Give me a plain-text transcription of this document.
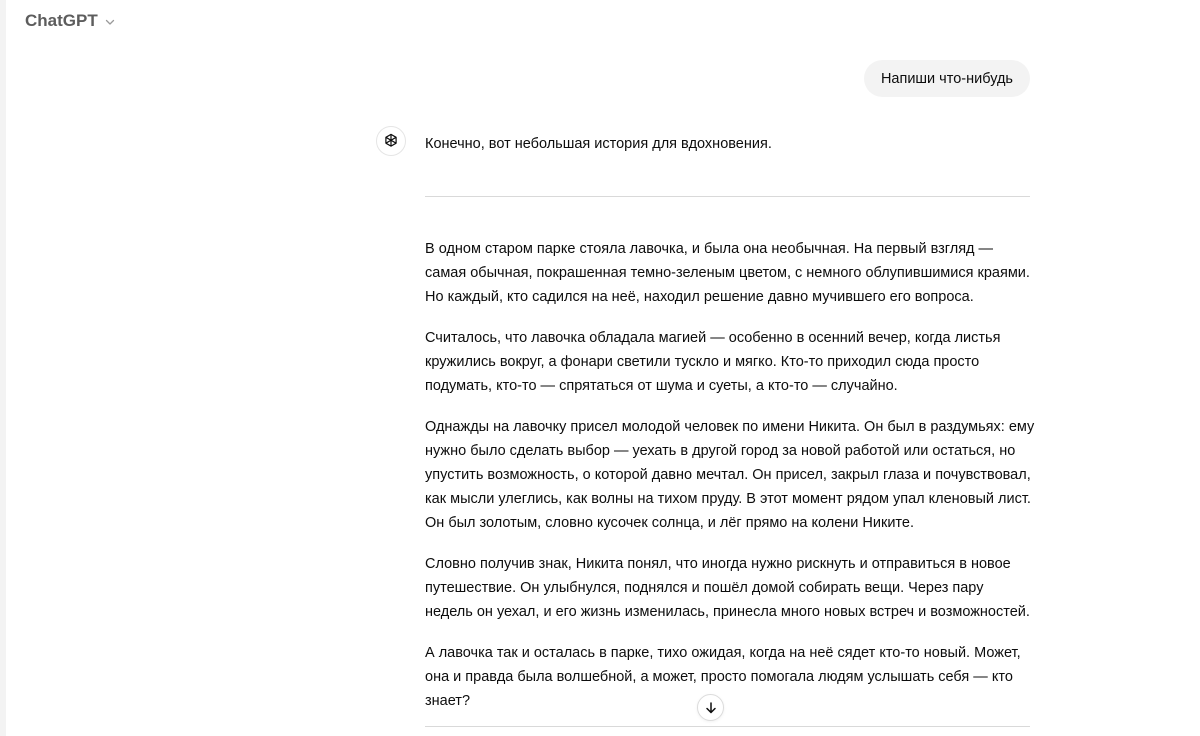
ChatGPT
Напиши что-нибудь

Конечно, вот небольшая история для вдохновения.

В одном старом парке стояла лавочка, и была она необычная. На первый взгляд — самая обычная, покрашенная темно-зеленым цветом, с немного облупившимися краями. Но каждый, кто садился на неё, находил решение давно мучившего его вопроса.

Считалось, что лавочка обладала магией — особенно в осенний вечер, когда листья кружились вокруг, а фонари светили тускло и мягко. Кто-то приходил сюда просто подумать, кто-то — спрятаться от шума и суеты, а кто-то — случайно.

Однажды на лавочку присел молодой человек по имени Никита. Он был в раздумьях: ему нужно было сделать выбор — уехать в другой город за новой работой или остаться, но упустить возможность, о которой давно мечтал. Он присел, закрыл глаза и почувствовал, как мысли улеглись, как волны на тихом пруду. В этот момент рядом упал кленовый лист. Он был золотым, словно кусочек солнца, и лёг прямо на колени Никите.

Словно получив знак, Никита понял, что иногда нужно рискнуть и отправиться в новое путешествие. Он улыбнулся, поднялся и пошёл домой собирать вещи. Через пару недель он уехал, и его жизнь изменилась, принесла много новых встреч и возможностей.

А лавочка так и осталась в парке, тихо ожидая, когда на неё сядет кто-то новый. Может, она и правда была волшебной, а может, просто помогала людям услышать себя — кто знает?
